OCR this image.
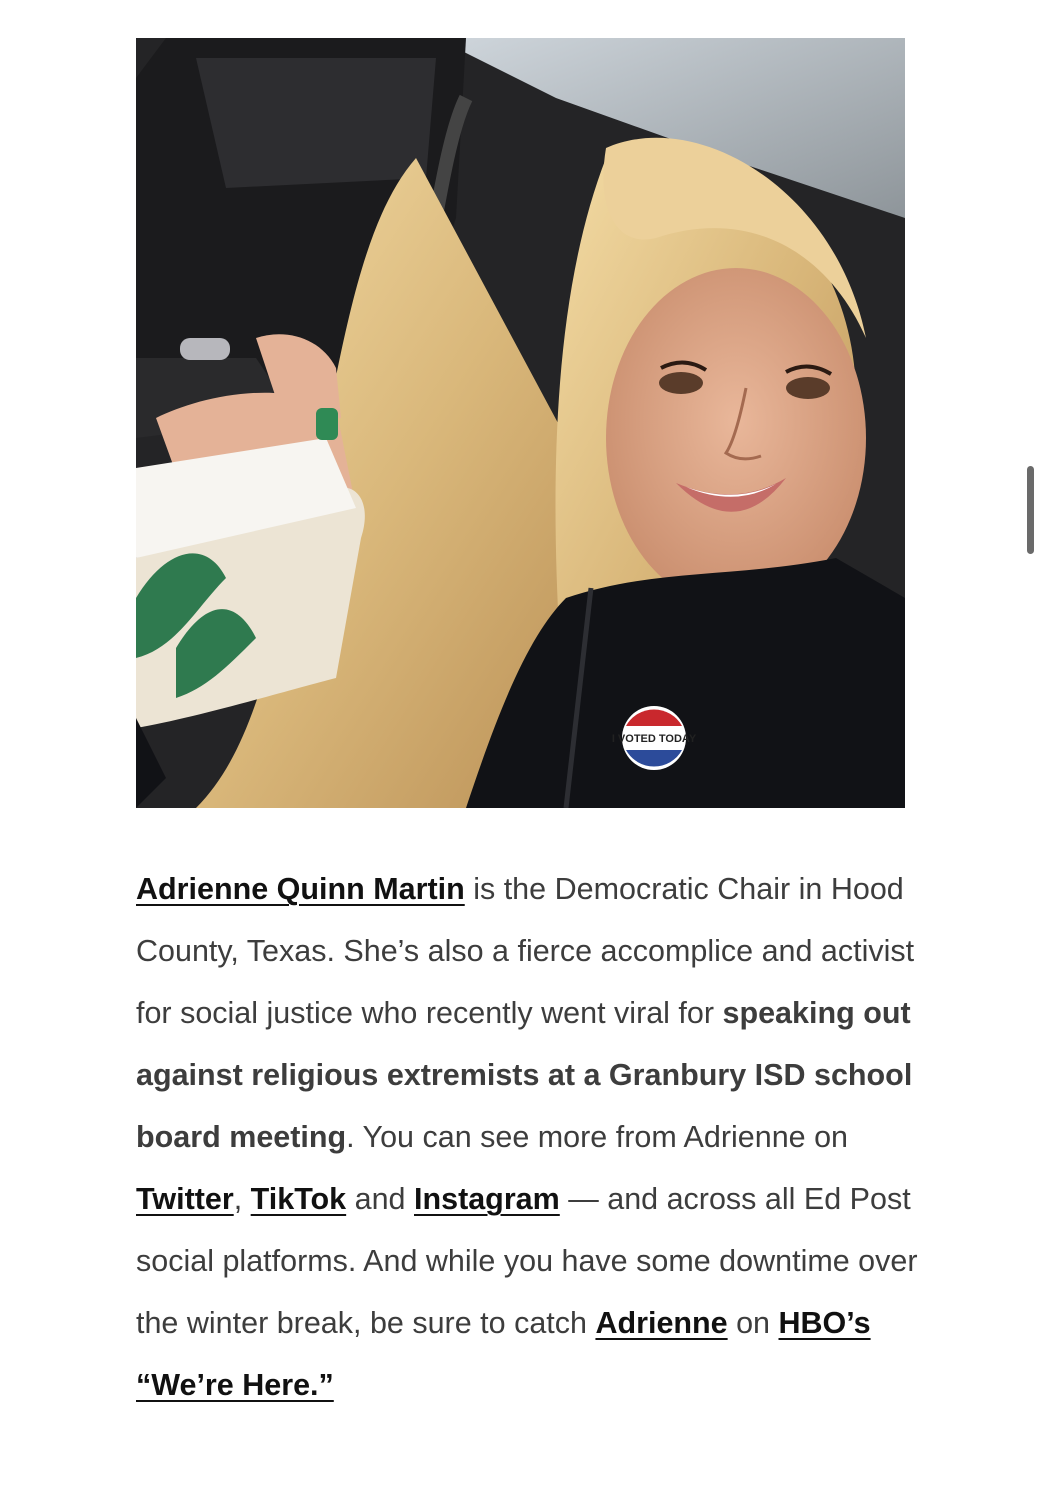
I VOTED TODAY

Adrienne Quinn Martin is the Democratic Chair in Hood County, Texas. She’s also a fierce accomplice and activist for social justice who recently went viral for speaking out against religious extremists at a Granbury ISD school board meeting. You can see more from Adrienne on Twitter, TikTok and Instagram — and across all Ed Post social platforms. And while you have some downtime over the winter break, be sure to catch Adrienne on HBO’s “We’re Here.”
